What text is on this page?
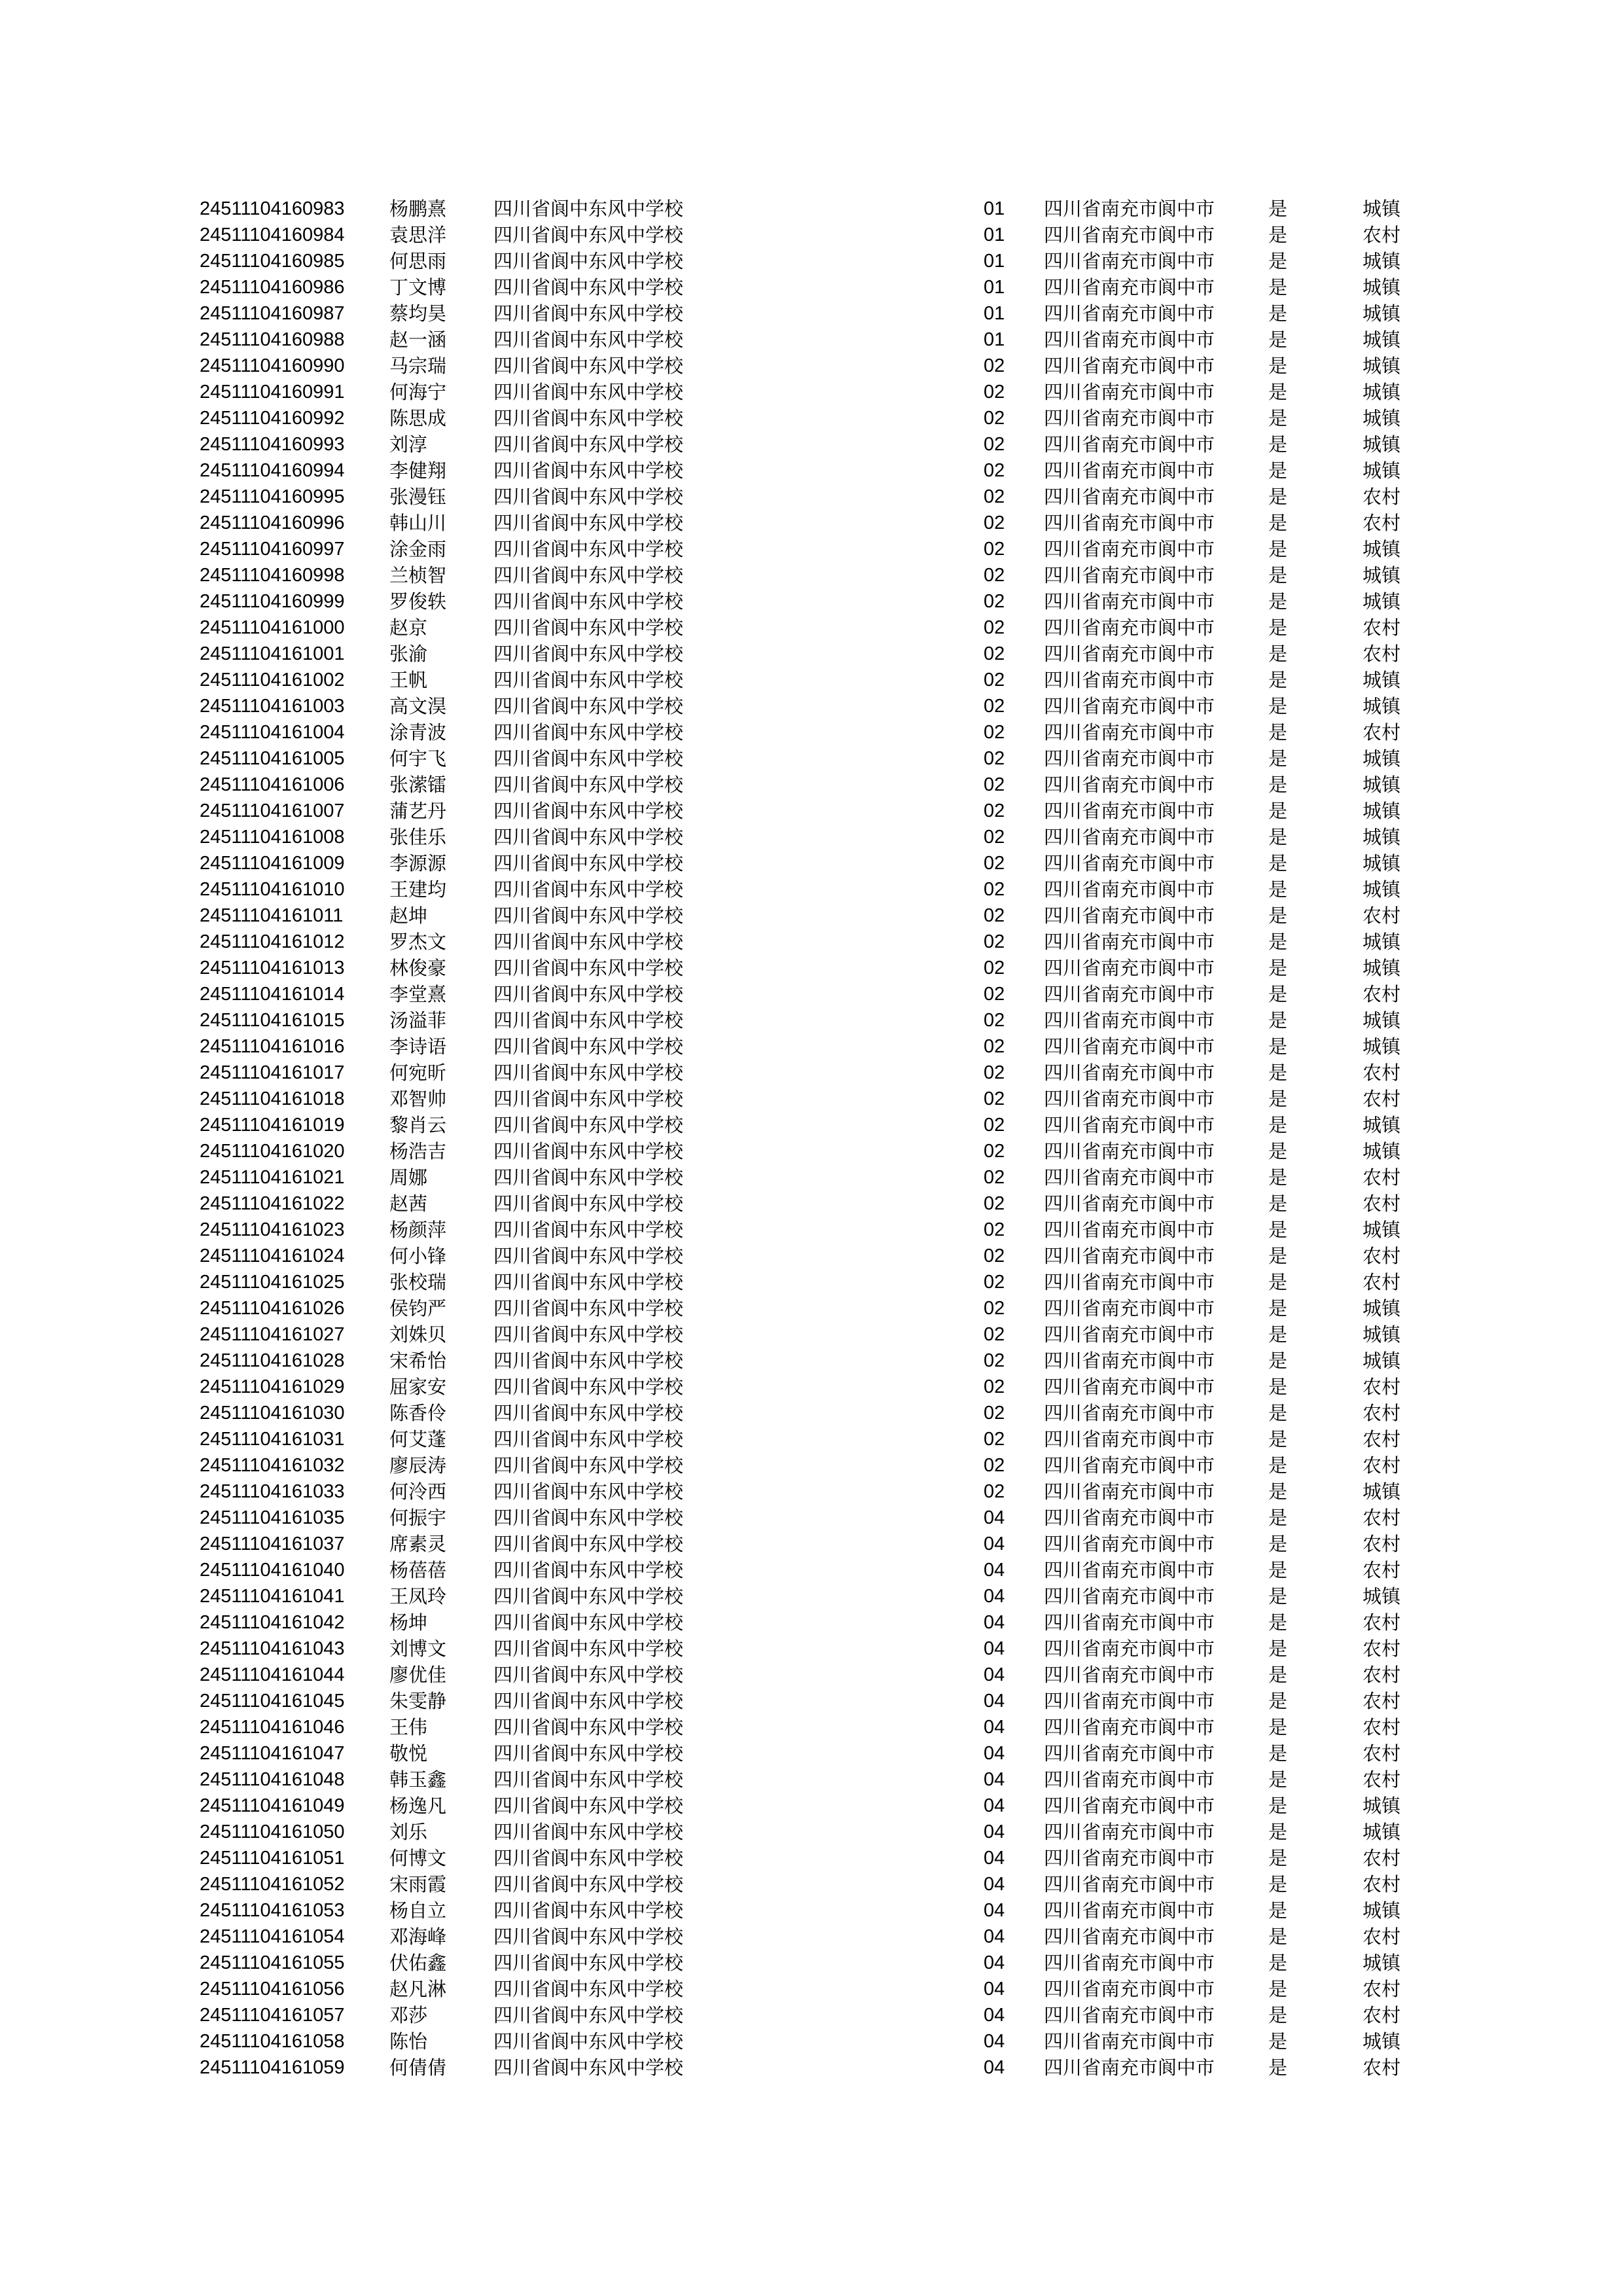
24511104160983 杨鹏熹 四川省阆中东风中学校	01 四川省南充市阆中市	是	城镇
24511104160984 袁思洋 四川省阆中东风中学校	01 四川省南充市阆中市	是	农村
24511104160985 何思雨 四川省阆中东风中学校	01 四川省南充市阆中市	是	城镇
24511104160986 丁文博 四川省阆中东风中学校	01 四川省南充市阆中市	是	城镇
24511104160987 蔡均昊 四川省阆中东风中学校	01 四川省南充市阆中市	是	城镇
24511104160988 赵一涵 四川省阆中东风中学校	01 四川省南充市阆中市	是	城镇
24511104160990 马宗瑞 四川省阆中东风中学校	02 四川省南充市阆中市	是	城镇
24511104160991 何海宁 四川省阆中东风中学校	02 四川省南充市阆中市	是	城镇
24511104160992 陈思成 四川省阆中东风中学校	02 四川省南充市阆中市	是	城镇
24511104160993 刘淳	四川省阆中东风中学校	02 四川省南充市阆中市	是	城镇
24511104160994 李健翔 四川省阆中东风中学校	02 四川省南充市阆中市	是	城镇
24511104160995 张漫钰 四川省阆中东风中学校	02 四川省南充市阆中市	是	农村
24511104160996 韩山川 四川省阆中东风中学校	02 四川省南充市阆中市	是	农村
24511104160997 涂金雨 四川省阆中东风中学校	02 四川省南充市阆中市	是	城镇
24511104160998 兰桢智 四川省阆中东风中学校	02 四川省南充市阆中市	是	城镇
24511104160999 罗俊轶 四川省阆中东风中学校	02 四川省南充市阆中市	是	城镇
24511104161000 赵京	四川省阆中东风中学校	02 四川省南充市阆中市	是	农村
24511104161001 张渝	四川省阆中东风中学校	02 四川省南充市阆中市	是	农村
24511104161002 王帆	四川省阆中东风中学校	02 四川省南充市阆中市	是	城镇
24511104161003 高文淏 四川省阆中东风中学校	02 四川省南充市阆中市	是	城镇
24511104161004 涂青波 四川省阆中东风中学校	02 四川省南充市阆中市	是	农村
24511104161005 何宇飞 四川省阆中东风中学校	02 四川省南充市阆中市	是	城镇
24511104161006 张潆镭 四川省阆中东风中学校	02 四川省南充市阆中市	是	城镇
24511104161007 蒲艺丹 四川省阆中东风中学校	02 四川省南充市阆中市	是	城镇
24511104161008 张佳乐 四川省阆中东风中学校	02 四川省南充市阆中市	是	城镇
24511104161009 李源源 四川省阆中东风中学校	02 四川省南充市阆中市	是	城镇
24511104161010 王建均 四川省阆中东风中学校	02 四川省南充市阆中市	是	城镇
24511104161011 赵坤	四川省阆中东风中学校	02 四川省南充市阆中市	是	农村
24511104161012 罗杰文 四川省阆中东风中学校	02 四川省南充市阆中市	是	城镇
24511104161013 林俊豪 四川省阆中东风中学校	02 四川省南充市阆中市	是	城镇
24511104161014 李堂熹 四川省阆中东风中学校	02 四川省南充市阆中市	是	农村
24511104161015 汤溢菲 四川省阆中东风中学校	02 四川省南充市阆中市	是	城镇
24511104161016 李诗语 四川省阆中东风中学校	02 四川省南充市阆中市	是	城镇
24511104161017 何宛昕 四川省阆中东风中学校	02 四川省南充市阆中市	是	农村
24511104161018 邓智帅 四川省阆中东风中学校	02 四川省南充市阆中市	是	农村
24511104161019 黎肖云 四川省阆中东风中学校	02 四川省南充市阆中市	是	城镇
24511104161020 杨浩吉 四川省阆中东风中学校	02 四川省南充市阆中市	是	城镇
24511104161021 周娜	四川省阆中东风中学校	02 四川省南充市阆中市	是	农村
24511104161022 赵茜	四川省阆中东风中学校	02 四川省南充市阆中市	是	农村
24511104161023 杨颜萍 四川省阆中东风中学校	02 四川省南充市阆中市	是	城镇
24511104161024 何小锋 四川省阆中东风中学校	02 四川省南充市阆中市	是	农村
24511104161025 张校瑞 四川省阆中东风中学校	02 四川省南充市阆中市	是	农村
24511104161026 侯钧严 四川省阆中东风中学校	02 四川省南充市阆中市	是	城镇
24511104161027 刘姝贝 四川省阆中东风中学校	02 四川省南充市阆中市	是	城镇
24511104161028 宋希怡 四川省阆中东风中学校	02 四川省南充市阆中市	是	城镇
24511104161029 屈家安 四川省阆中东风中学校	02 四川省南充市阆中市	是	农村
24511104161030 陈香伶 四川省阆中东风中学校	02 四川省南充市阆中市	是	农村
24511104161031 何艾蓬 四川省阆中东风中学校	02 四川省南充市阆中市	是	农村
24511104161032 廖辰涛 四川省阆中东风中学校	02 四川省南充市阆中市	是	农村
24511104161033 何泠西 四川省阆中东风中学校	02 四川省南充市阆中市	是	城镇
24511104161035 何振宇 四川省阆中东风中学校	04 四川省南充市阆中市	是	农村
24511104161037 席素灵 四川省阆中东风中学校	04 四川省南充市阆中市	是	农村
24511104161040 杨蓓蓓 四川省阆中东风中学校	04 四川省南充市阆中市	是	农村
24511104161041 王凤玲 四川省阆中东风中学校	04 四川省南充市阆中市	是	城镇
24511104161042 杨坤	四川省阆中东风中学校	04 四川省南充市阆中市	是	农村
24511104161043 刘博文 四川省阆中东风中学校	04 四川省南充市阆中市	是	农村
24511104161044 廖优佳 四川省阆中东风中学校	04 四川省南充市阆中市	是	农村
24511104161045 朱雯静 四川省阆中东风中学校	04 四川省南充市阆中市	是	农村
24511104161046 王伟	四川省阆中东风中学校	04 四川省南充市阆中市	是	农村
24511104161047 敬悦	四川省阆中东风中学校	04 四川省南充市阆中市	是	农村
24511104161048 韩玉鑫 四川省阆中东风中学校	04 四川省南充市阆中市	是	农村
24511104161049 杨逸凡 四川省阆中东风中学校	04 四川省南充市阆中市	是	城镇
24511104161050 刘乐	四川省阆中东风中学校	04 四川省南充市阆中市	是	城镇
24511104161051 何博文 四川省阆中东风中学校	04 四川省南充市阆中市	是	农村
24511104161052 宋雨霞 四川省阆中东风中学校	04 四川省南充市阆中市	是	农村
24511104161053 杨自立 四川省阆中东风中学校	04 四川省南充市阆中市	是	城镇
24511104161054 邓海峰 四川省阆中东风中学校	04 四川省南充市阆中市	是	农村
24511104161055 伏佑鑫 四川省阆中东风中学校	04 四川省南充市阆中市	是	城镇
24511104161056 赵凡淋 四川省阆中东风中学校	04 四川省南充市阆中市	是	农村
24511104161057 邓莎	四川省阆中东风中学校	04 四川省南充市阆中市	是	农村
24511104161058 陈怡	四川省阆中东风中学校	04 四川省南充市阆中市	是	城镇
24511104161059 何倩倩 四川省阆中东风中学校	04 四川省南充市阆中市	是	农村
